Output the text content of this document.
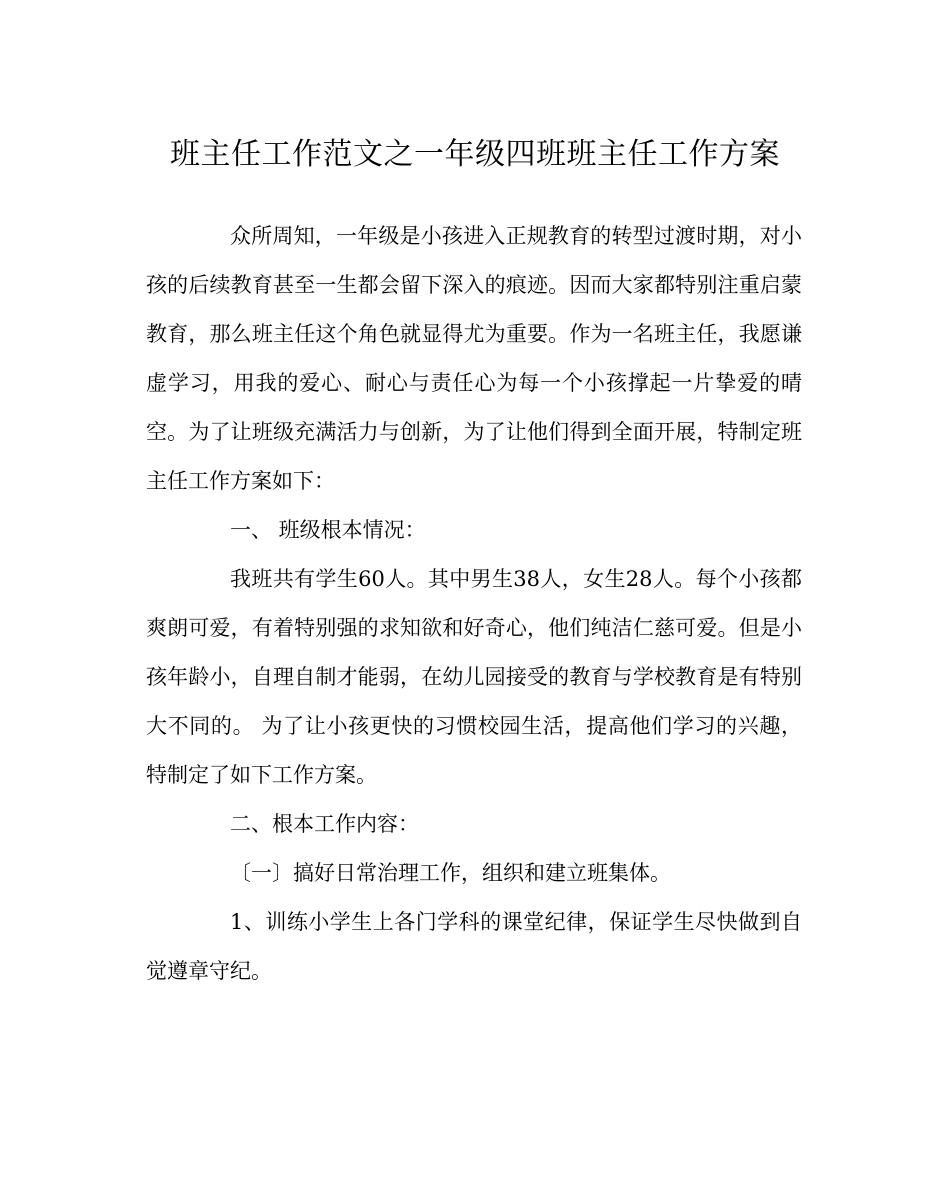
班主任工作范文之一年级四班班主任工作方案

众所周知，一年级是小孩进入正规教育的转型过渡时期，对小孩的后续教育甚至一生都会留下深入的痕迹。因而大家都特别注重启蒙教育，那么班主任这个角色就显得尤为重要。作为一名班主任，我愿谦虚学习，用我的爱心、耐心与责任心为每一个小孩撑起一片挚爱的晴空。为了让班级充满活力与创新，为了让他们得到全面开展，特制定班主任工作方案如下：

一、 班级根本情况：

我班共有学生60人。其中男生38人，女生28人。每个小孩都爽朗可爱，有着特别强的求知欲和好奇心，他们纯洁仁慈可爱。但是小孩年龄小，自理自制才能弱，在幼儿园接受的教育与学校教育是有特别大不同的。 为了让小孩更快的习惯校园生活，提高他们学习的兴趣，特制定了如下工作方案。

二、根本工作内容：

〔一〕搞好日常治理工作，组织和建立班集体。

1、训练小学生上各门学科的课堂纪律，保证学生尽快做到自觉遵章守纪。
